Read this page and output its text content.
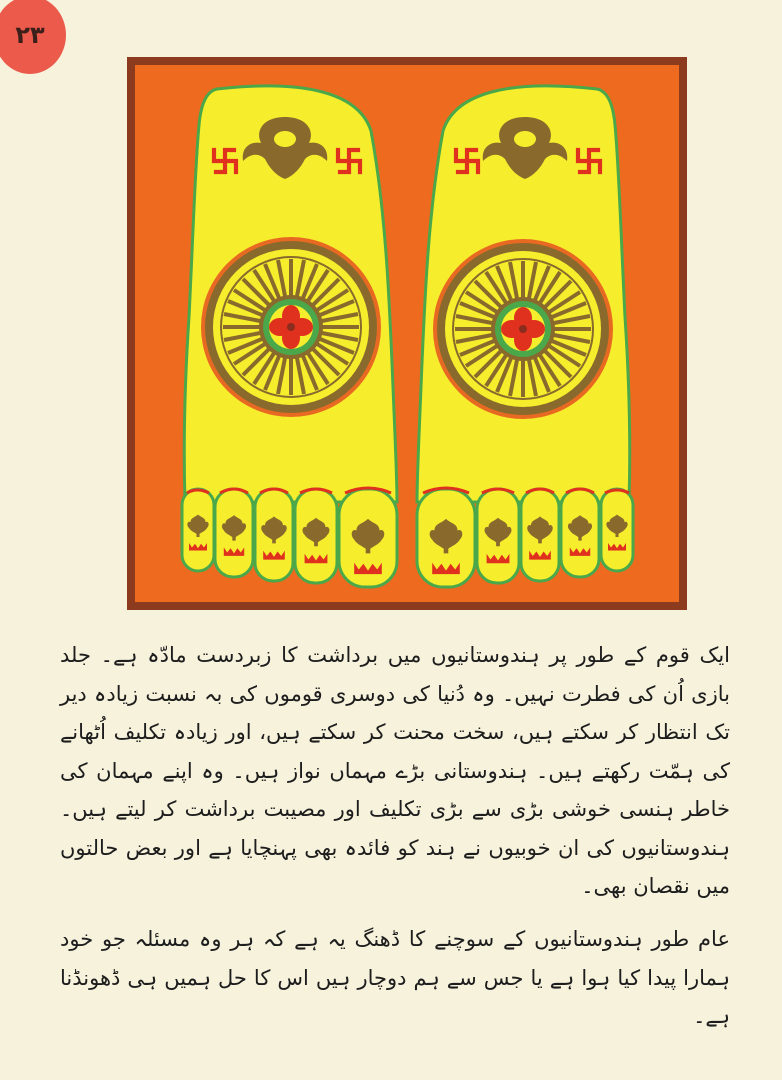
٢٣
ایک قوم کے طور پر ہندوستانیوں میں برداشت کا زبردست مادّہ ہے۔ جلد بازی اُن کی فطرت نہیں۔ وہ دُنیا کی دوسری قوموں کی بہ نسبت زیادہ دیر تک انتظار کر سکتے ہیں، سخت محنت کر سکتے ہیں، اور زیادہ تکلیف اُٹھانے کی ہمّت رکھتے ہیں۔ ہندوستانی بڑے مہماں نواز ہیں۔ وہ اپنے مہمان کی خاطر ہنسی خوشی بڑی سے بڑی تکلیف اور مصیبت برداشت کر لیتے ہیں۔ ہندوستانیوں کی ان خوبیوں نے ہند کو فائدہ بھی پہنچایا ہے اور بعض حالتوں میں نقصان بھی۔
عام طور ہندوستانیوں کے سوچنے کا ڈھنگ یہ ہے کہ ہر وہ مسئلہ جو خود ہمارا پیدا کیا ہوا ہے یا جس سے ہم دوچار ہیں اس کا حل ہمیں ہی ڈھونڈنا ہے۔
